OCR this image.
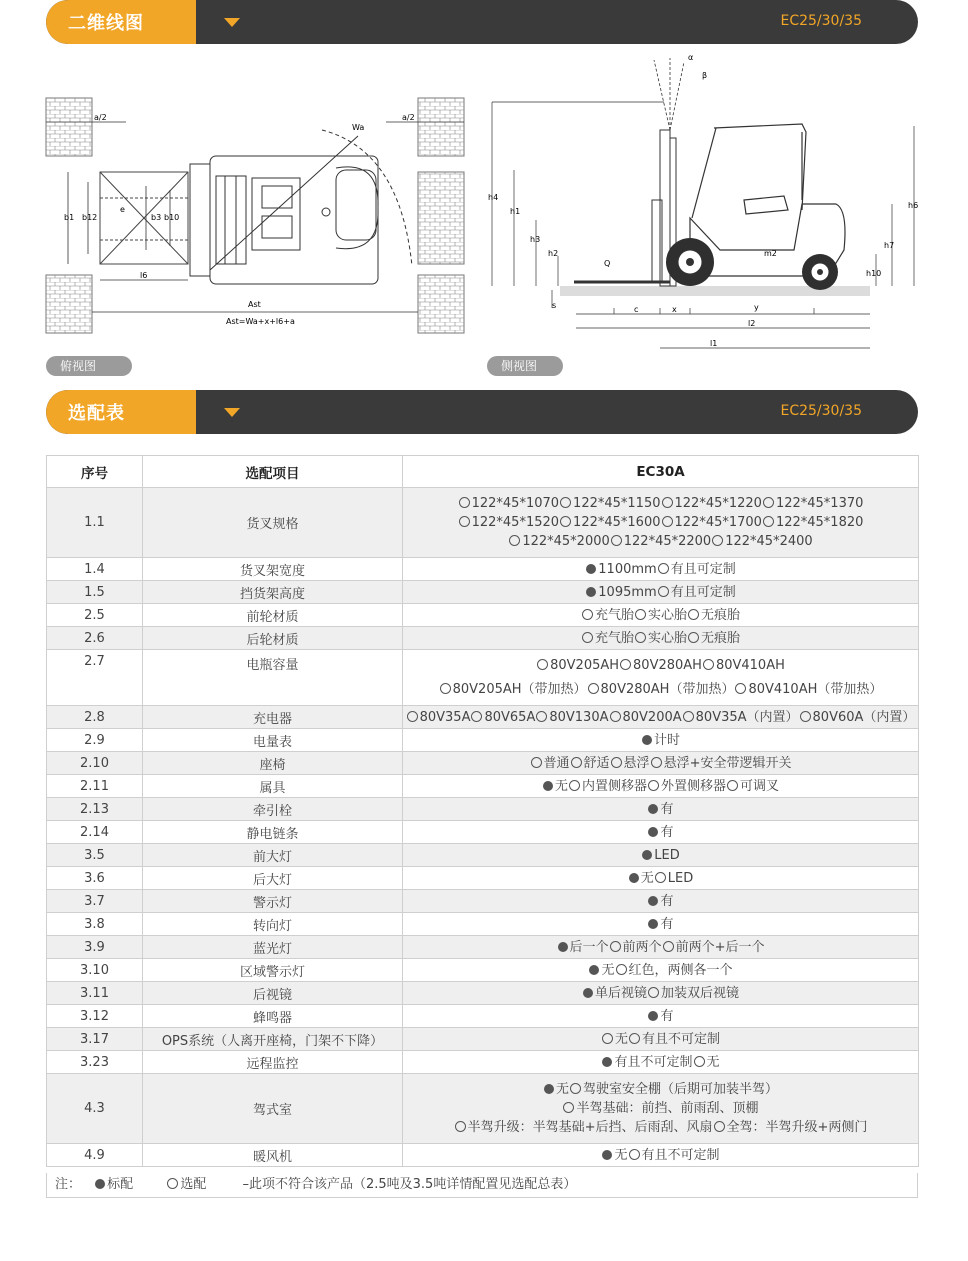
二维线图	EC25/30/35
a/2	a/2
Wa
b1 b12
e
b3 b10
l6
Ast
Ast=Wa+x+l6+a
α
β
h4
h1
h3
h2
Q
s	c	x	y
l2
l1
m2
h6
h7
h10
俯视图	侧视图
选配表	EC25/30/35
序号	选配项目	EC30A
1.1	货叉规格	122*45*1070 122*45*1150 122*45*1220 122*45*1370
122*45*1520 122*45*1600 122*45*1700 122*45*1820
122*45*2000 122*45*2200 122*45*2400

1.4	货叉架宽度	1100mm 有且可定制

1.5	挡货架高度	1095mm 有且可定制

2.5	前轮材质	充气胎 实心胎 无痕胎

2.6	后轮材质	充气胎 实心胎 无痕胎

2.7	电瓶容量	80V205AH 80V280AH 80V410AH
80V205AH（带加热） 80V280AH（带加热） 80V410AH（带加热）

2.8	充电器	80V35A 80V65A 80V130A 80V200A 80V35A（内置） 80V60A（内置）

2.9	电量表	计时

2.10	座椅	普通 舒适 悬浮 悬浮+安全带逻辑开关

2.11	属具	无 内置侧移器 外置侧移器 可调叉

2.13	牵引栓	有

2.14	静电链条	有

3.5	前大灯	LED

3.6	后大灯	无 LED

3.7	警示灯	有

3.8	转向灯	有

3.9	蓝光灯	后一个 前两个 前两个+后一个

3.10	区域警示灯	无 红色，两侧各一个

3.11	后视镜	单后视镜 加装双后视镜

3.12	蜂鸣器	有

3.17	OPS系统（人离开座椅，门架不下降）	无 有且不可定制

3.23	远程监控	有且不可定制 无

4.3	驾式室	无 驾驶室安全棚（后期可加装半驾）
半驾基础：前挡、前雨刮、顶棚
半驾升级：半驾基础+后挡、后雨刮、风扇 全驾：半驾升级+两侧门

4.9	暖风机	无 有且不可定制
注： 标配	选配	–此项不符合该产品（2.5吨及3.5吨详情配置见选配总表）
